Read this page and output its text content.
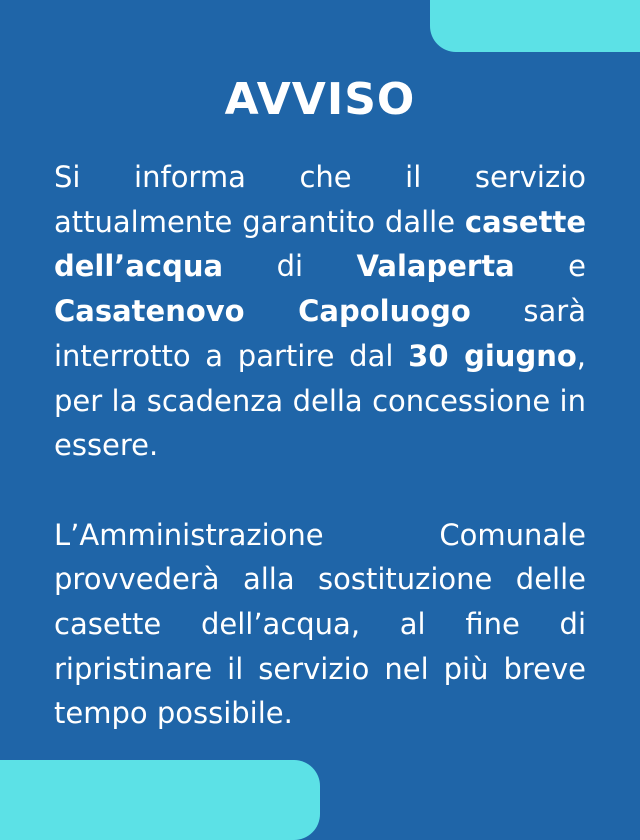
AVVISO

Si informa che il servizio attualmente garantito dalle casette dell’acqua di Valaperta e Casatenovo Capoluogo sarà interrotto a partire dal 30 giugno, per la scadenza della concessione in essere.

L’Amministrazione Comunale provvederà alla sostituzione delle casette dell’acqua, al fine di ripristinare il servizio nel più breve tempo possibile.
